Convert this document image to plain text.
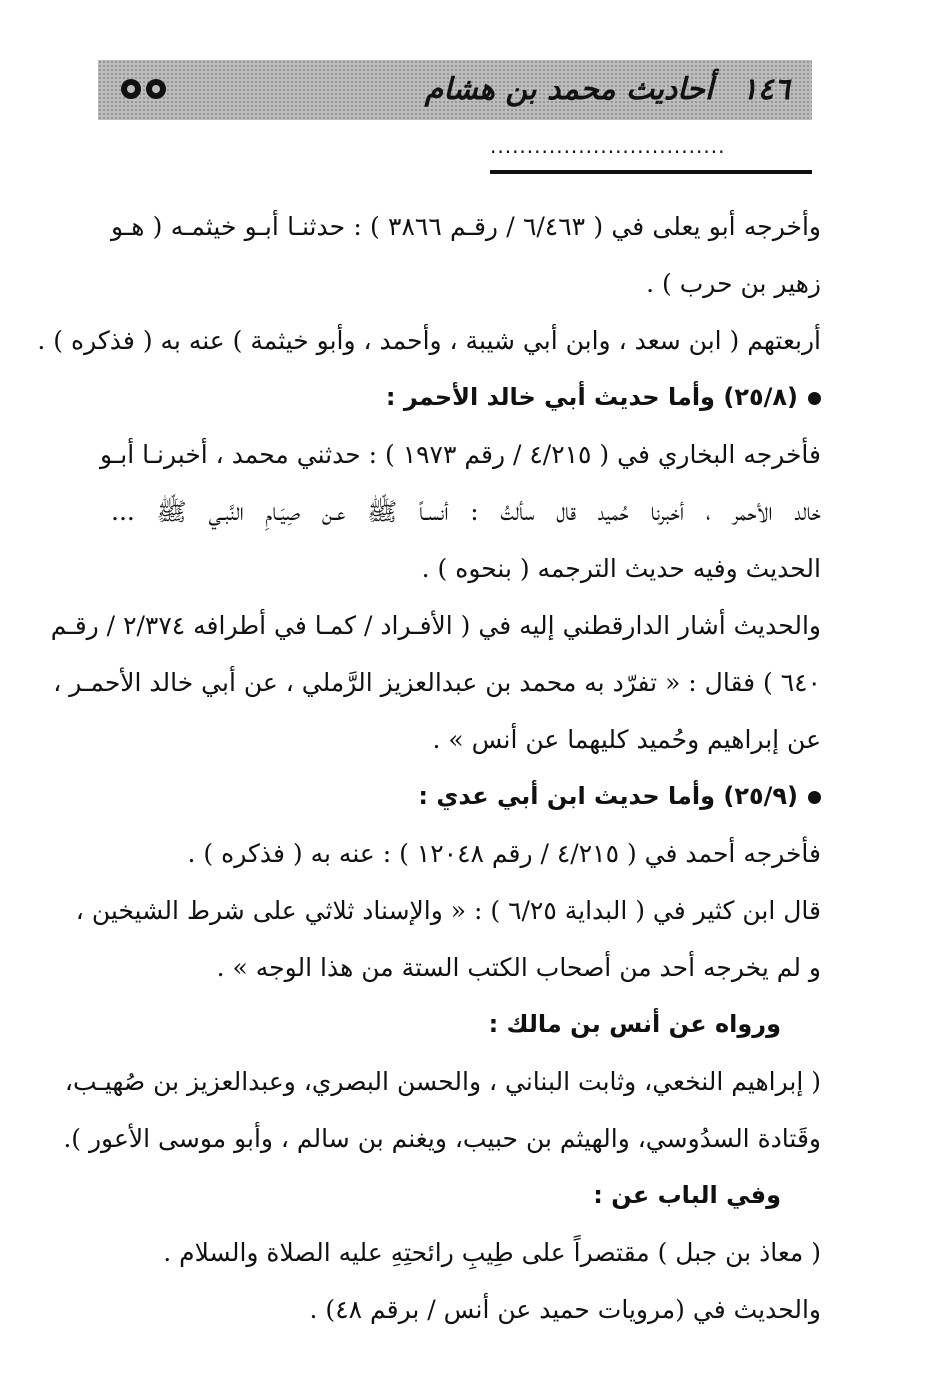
١٤٦ أحاديث محمد بن هشام
................................
وأخرجه أبو يعلى في ( ٦/٤٦٣ / رقـم ٣٨٦٦ ) : حدثنـا أبـو خيثمـه ( هـو
زهير بن حرب ) .
أربعتهم ( ابن سعد ، وابن أبي شيبة ، وأحمد ، وأبو خيثمة ) عنه به ( فذكره ) .
(٢٥/٨) وأما حديث أبي خالد الأحمر :
فأخرجه البخاري في ( ٤/٢١٥ / رقم ١٩٧٣ ) : حدثني محمد ، أخبرنـا أبـو
خالد الأحمر ، أخبرنا حُميد قال سألتُ : أنسـاً ﷺ عـن صِيَـامِ النَّبـي ﷺ ...
الحديث وفيه حديث الترجمه ( بنحوه ) .
والحديث أشار الدارقطني إليه في ( الأفـراد / كمـا في أطرافه ٢/٣٧٤ / رقـم
٦٤٠ ) فقال : « تفرّد به محمد بن عبدالعزيز الرَّملي ، عن أبي خالد الأحمـر ،
عن إبراهيم وحُميد كليهما عن أنس » .
(٢٥/٩) وأما حديث ابن أبي عدي :
فأخرجه أحمد في ( ٤/٢١٥ / رقم ١٢٠٤٨ ) : عنه به ( فذكره ) .
قال ابن كثير في ( البداية ٦/٢٥ ) : « والإسناد ثلاثي على شرط الشيخين ،
و لم يخرجه أحد من أصحاب الكتب الستة من هذا الوجه » .
ورواه عن أنس بن مالك :
( إبراهيم النخعي، وثابت البناني ، والحسن البصري، وعبدالعزيز بن صُهيـب،
وقَتادة السدُوسي، والهيثم بن حبيب، ويغنم بن سالم ، وأبو موسى الأعور ).
وفي الباب عن :
( معاذ بن جبل ) مقتصراً على طِيبِ رائحتِهِ عليه الصلاة والسلام .
والحديث في (مرويات حميد عن أنس / برقم ٤٨) .
